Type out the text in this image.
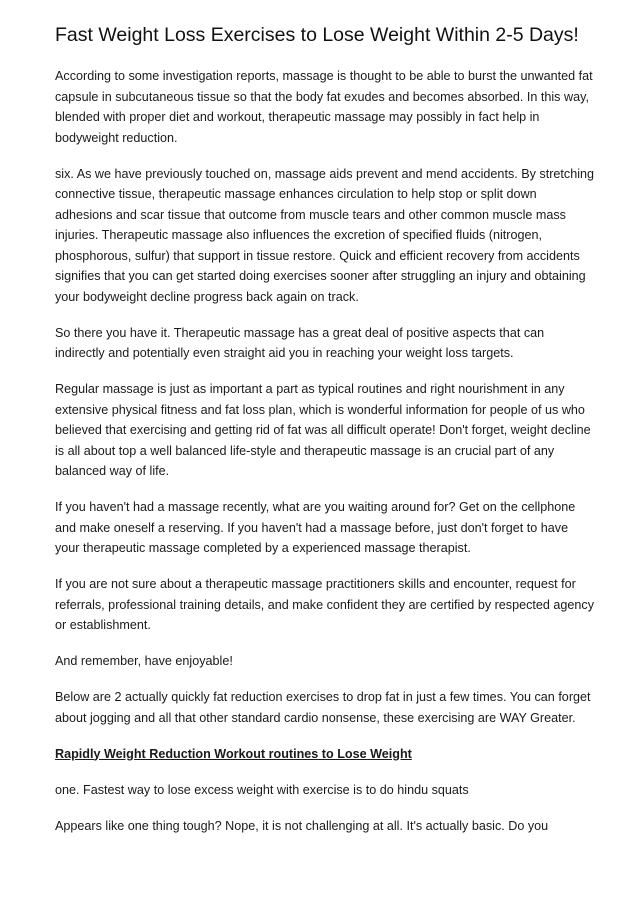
Fast Weight Loss Exercises to Lose Weight Within 2-5 Days!

According to some investigation reports, massage is thought to be able to burst the unwanted fat capsule in subcutaneous tissue so that the body fat exudes and becomes absorbed. In this way, blended with proper diet and workout, therapeutic massage may possibly in fact help in bodyweight reduction.

six. As we have previously touched on, massage aids prevent and mend accidents. By stretching connective tissue, therapeutic massage enhances circulation to help stop or split down adhesions and scar tissue that outcome from muscle tears and other common muscle mass injuries. Therapeutic massage also influences the excretion of specified fluids (nitrogen, phosphorous, sulfur) that support in tissue restore. Quick and efficient recovery from accidents signifies that you can get started doing exercises sooner after struggling an injury and obtaining your bodyweight decline progress back again on track.

So there you have it. Therapeutic massage has a great deal of positive aspects that can indirectly and potentially even straight aid you in reaching your weight loss targets.

Regular massage is just as important a part as typical routines and right nourishment in any extensive physical fitness and fat loss plan, which is wonderful information for people of us who believed that exercising and getting rid of fat was all difficult operate! Don't forget, weight decline is all about top a well balanced life-style and therapeutic massage is an crucial part of any balanced way of life.

If you haven't had a massage recently, what are you waiting around for? Get on the cellphone and make oneself a reserving. If you haven't had a massage before, just don't forget to have your therapeutic massage completed by a experienced massage therapist.

If you are not sure about a therapeutic massage practitioners skills and encounter, request for referrals, professional training details, and make confident they are certified by respected agency or establishment.

And remember, have enjoyable!

Below are 2 actually quickly fat reduction exercises to drop fat in just a few times. You can forget about jogging and all that other standard cardio nonsense, these exercising are WAY Greater.

Rapidly Weight Reduction Workout routines to Lose Weight

one. Fastest way to lose excess weight with exercise is to do hindu squats

Appears like one thing tough? Nope, it is not challenging at all. It's actually basic. Do you
